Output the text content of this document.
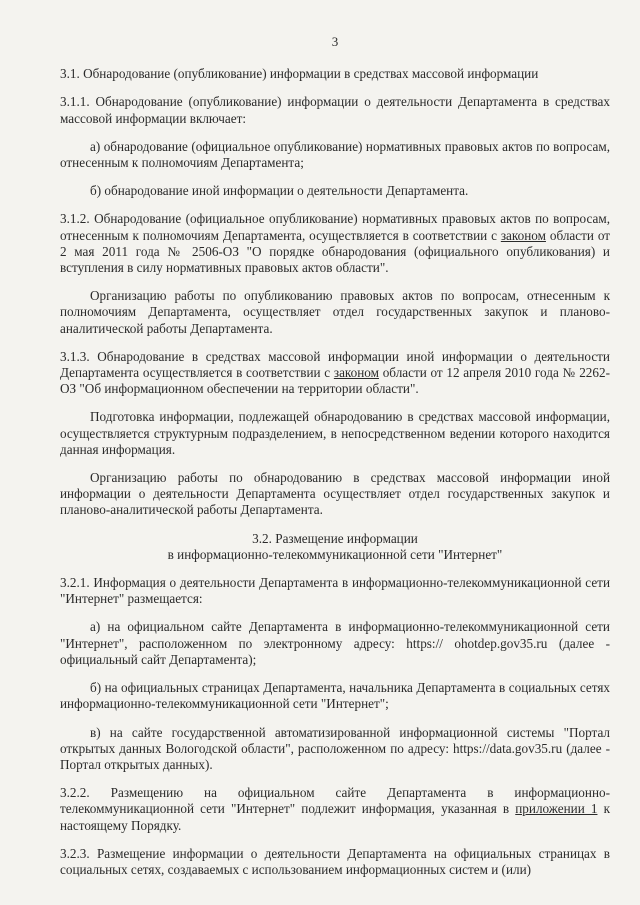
3

3.1. Обнародование (опубликование) информации в средствах массовой информации

3.1.1. Обнародование (опубликование) информации о деятельности Департамента в средствах массовой информации включает:

а) обнародование (официальное опубликование) нормативных правовых актов по вопросам, отнесенным к полномочиям Департамента;

б) обнародование иной информации о деятельности Департамента.

3.1.2. Обнародование (официальное опубликование) нормативных правовых актов по вопросам, отнесенным к полномочиям Департамента, осуществляется в соответствии с законом области от 2 мая 2011 года № 2506-ОЗ "О порядке обнародования (официального опубликования) и вступления в силу нормативных правовых актов области".

Организацию работы по опубликованию правовых актов по вопросам, отнесенным к полномочиям Департамента, осуществляет отдел государственных закупок и планово-аналитической работы Департамента.

3.1.3. Обнародование в средствах массовой информации иной информации о деятельности Департамента осуществляется в соответствии с законом области от 12 апреля 2010 года № 2262-ОЗ "Об информационном обеспечении на территории области".

Подготовка информации, подлежащей обнародованию в средствах массовой информации, осуществляется структурным подразделением, в непосредственном ведении которого находится данная информация.

Организацию работы по обнародованию в средствах массовой информации иной информации о деятельности Департамента осуществляет отдел государственных закупок и планово-аналитической работы Департамента.

3.2. Размещение информации
в информационно-телекоммуникационной сети "Интернет"

3.2.1. Информация о деятельности Департамента в информационно-телекоммуникационной сети "Интернет" размещается:

а) на официальном сайте Департамента в информационно-телекоммуникационной сети "Интернет", расположенном по электронному адресу: https:// ohotdep.gov35.ru (далее - официальный сайт Департамента);

б) на официальных страницах Департамента, начальника Департамента в социальных сетях информационно-телекоммуникационной сети "Интернет";

в) на сайте государственной автоматизированной информационной системы "Портал открытых данных Вологодской области", расположенном по адресу: https://data.gov35.ru (далее - Портал открытых данных).

3.2.2. Размещению на официальном сайте Департамента в информационно-телекоммуникационной сети "Интернет" подлежит информация, указанная в приложении 1 к настоящему Порядку.

3.2.3. Размещение информации о деятельности Департамента на официальных страницах в социальных сетях, создаваемых с использованием информационных систем и (или)
